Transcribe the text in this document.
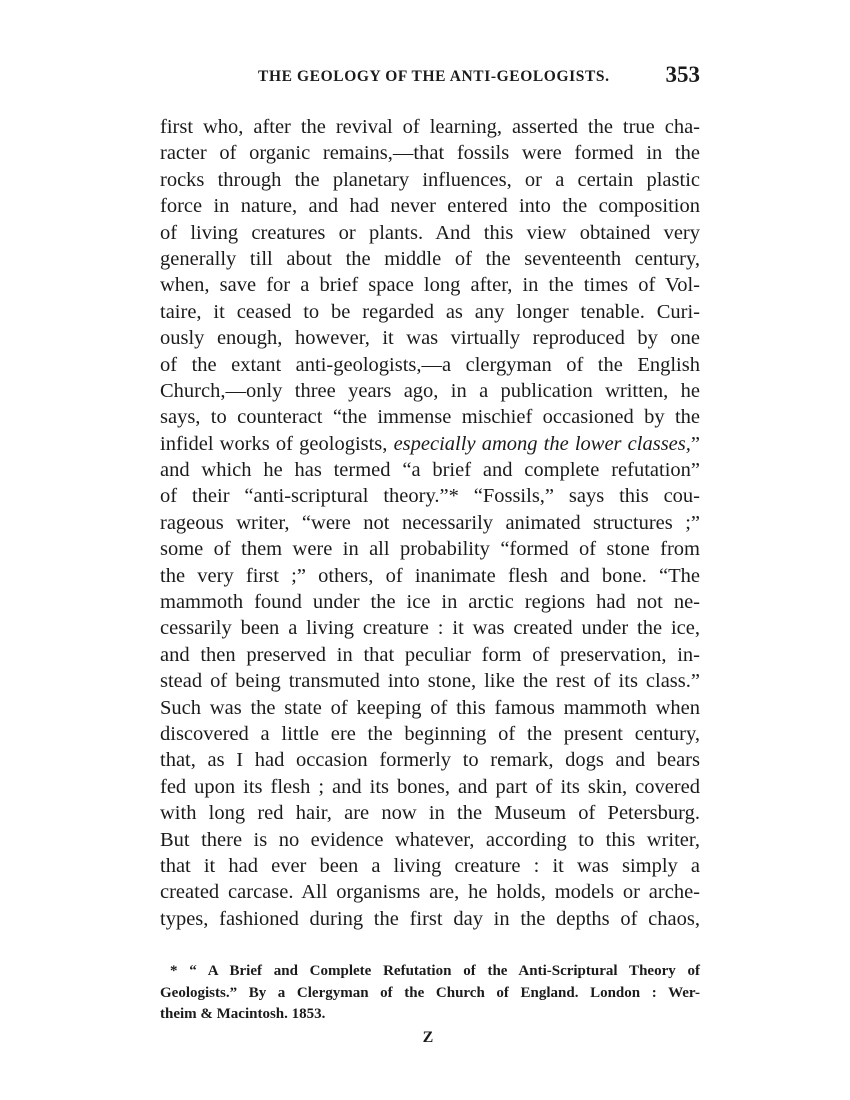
THE GEOLOGY OF THE ANTI-GEOLOGISTS. 353
first who, after the revival of learning, asserted the true cha-
racter of organic remains,—that fossils were formed in the
rocks through the planetary influences, or a certain plastic
force in nature, and had never entered into the composition
of living creatures or plants. And this view obtained very
generally till about the middle of the seventeenth century,
when, save for a brief space long after, in the times of Vol-
taire, it ceased to be regarded as any longer tenable. Curi-
ously enough, however, it was virtually reproduced by one
of the extant anti-geologists,—a clergyman of the English
Church,—only three years ago, in a publication written, he
says, to counteract “the immense mischief occasioned by the
infidel works of geologists, especially among the lower classes,”
and which he has termed “a brief and complete refutation”
of their “anti-scriptural theory.”* “Fossils,” says this cou-
rageous writer, “were not necessarily animated structures ;”
some of them were in all probability “formed of stone from
the very first ;” others, of inanimate flesh and bone. “The
mammoth found under the ice in arctic regions had not ne-
cessarily been a living creature : it was created under the ice,
and then preserved in that peculiar form of preservation, in-
stead of being transmuted into stone, like the rest of its class.”
Such was the state of keeping of this famous mammoth when
discovered a little ere the beginning of the present century,
that, as I had occasion formerly to remark, dogs and bears
fed upon its flesh ; and its bones, and part of its skin, covered
with long red hair, are now in the Museum of Petersburg.
But there is no evidence whatever, according to this writer,
that it had ever been a living creature : it was simply a
created carcase. All organisms are, he holds, models or arche-
types, fashioned during the first day in the depths of chaos,
* “ A Brief and Complete Refutation of the Anti-Scriptural Theory of
Geologists.” By a Clergyman of the Church of England. London : Wer-
theim & Macintosh. 1853.
Z
